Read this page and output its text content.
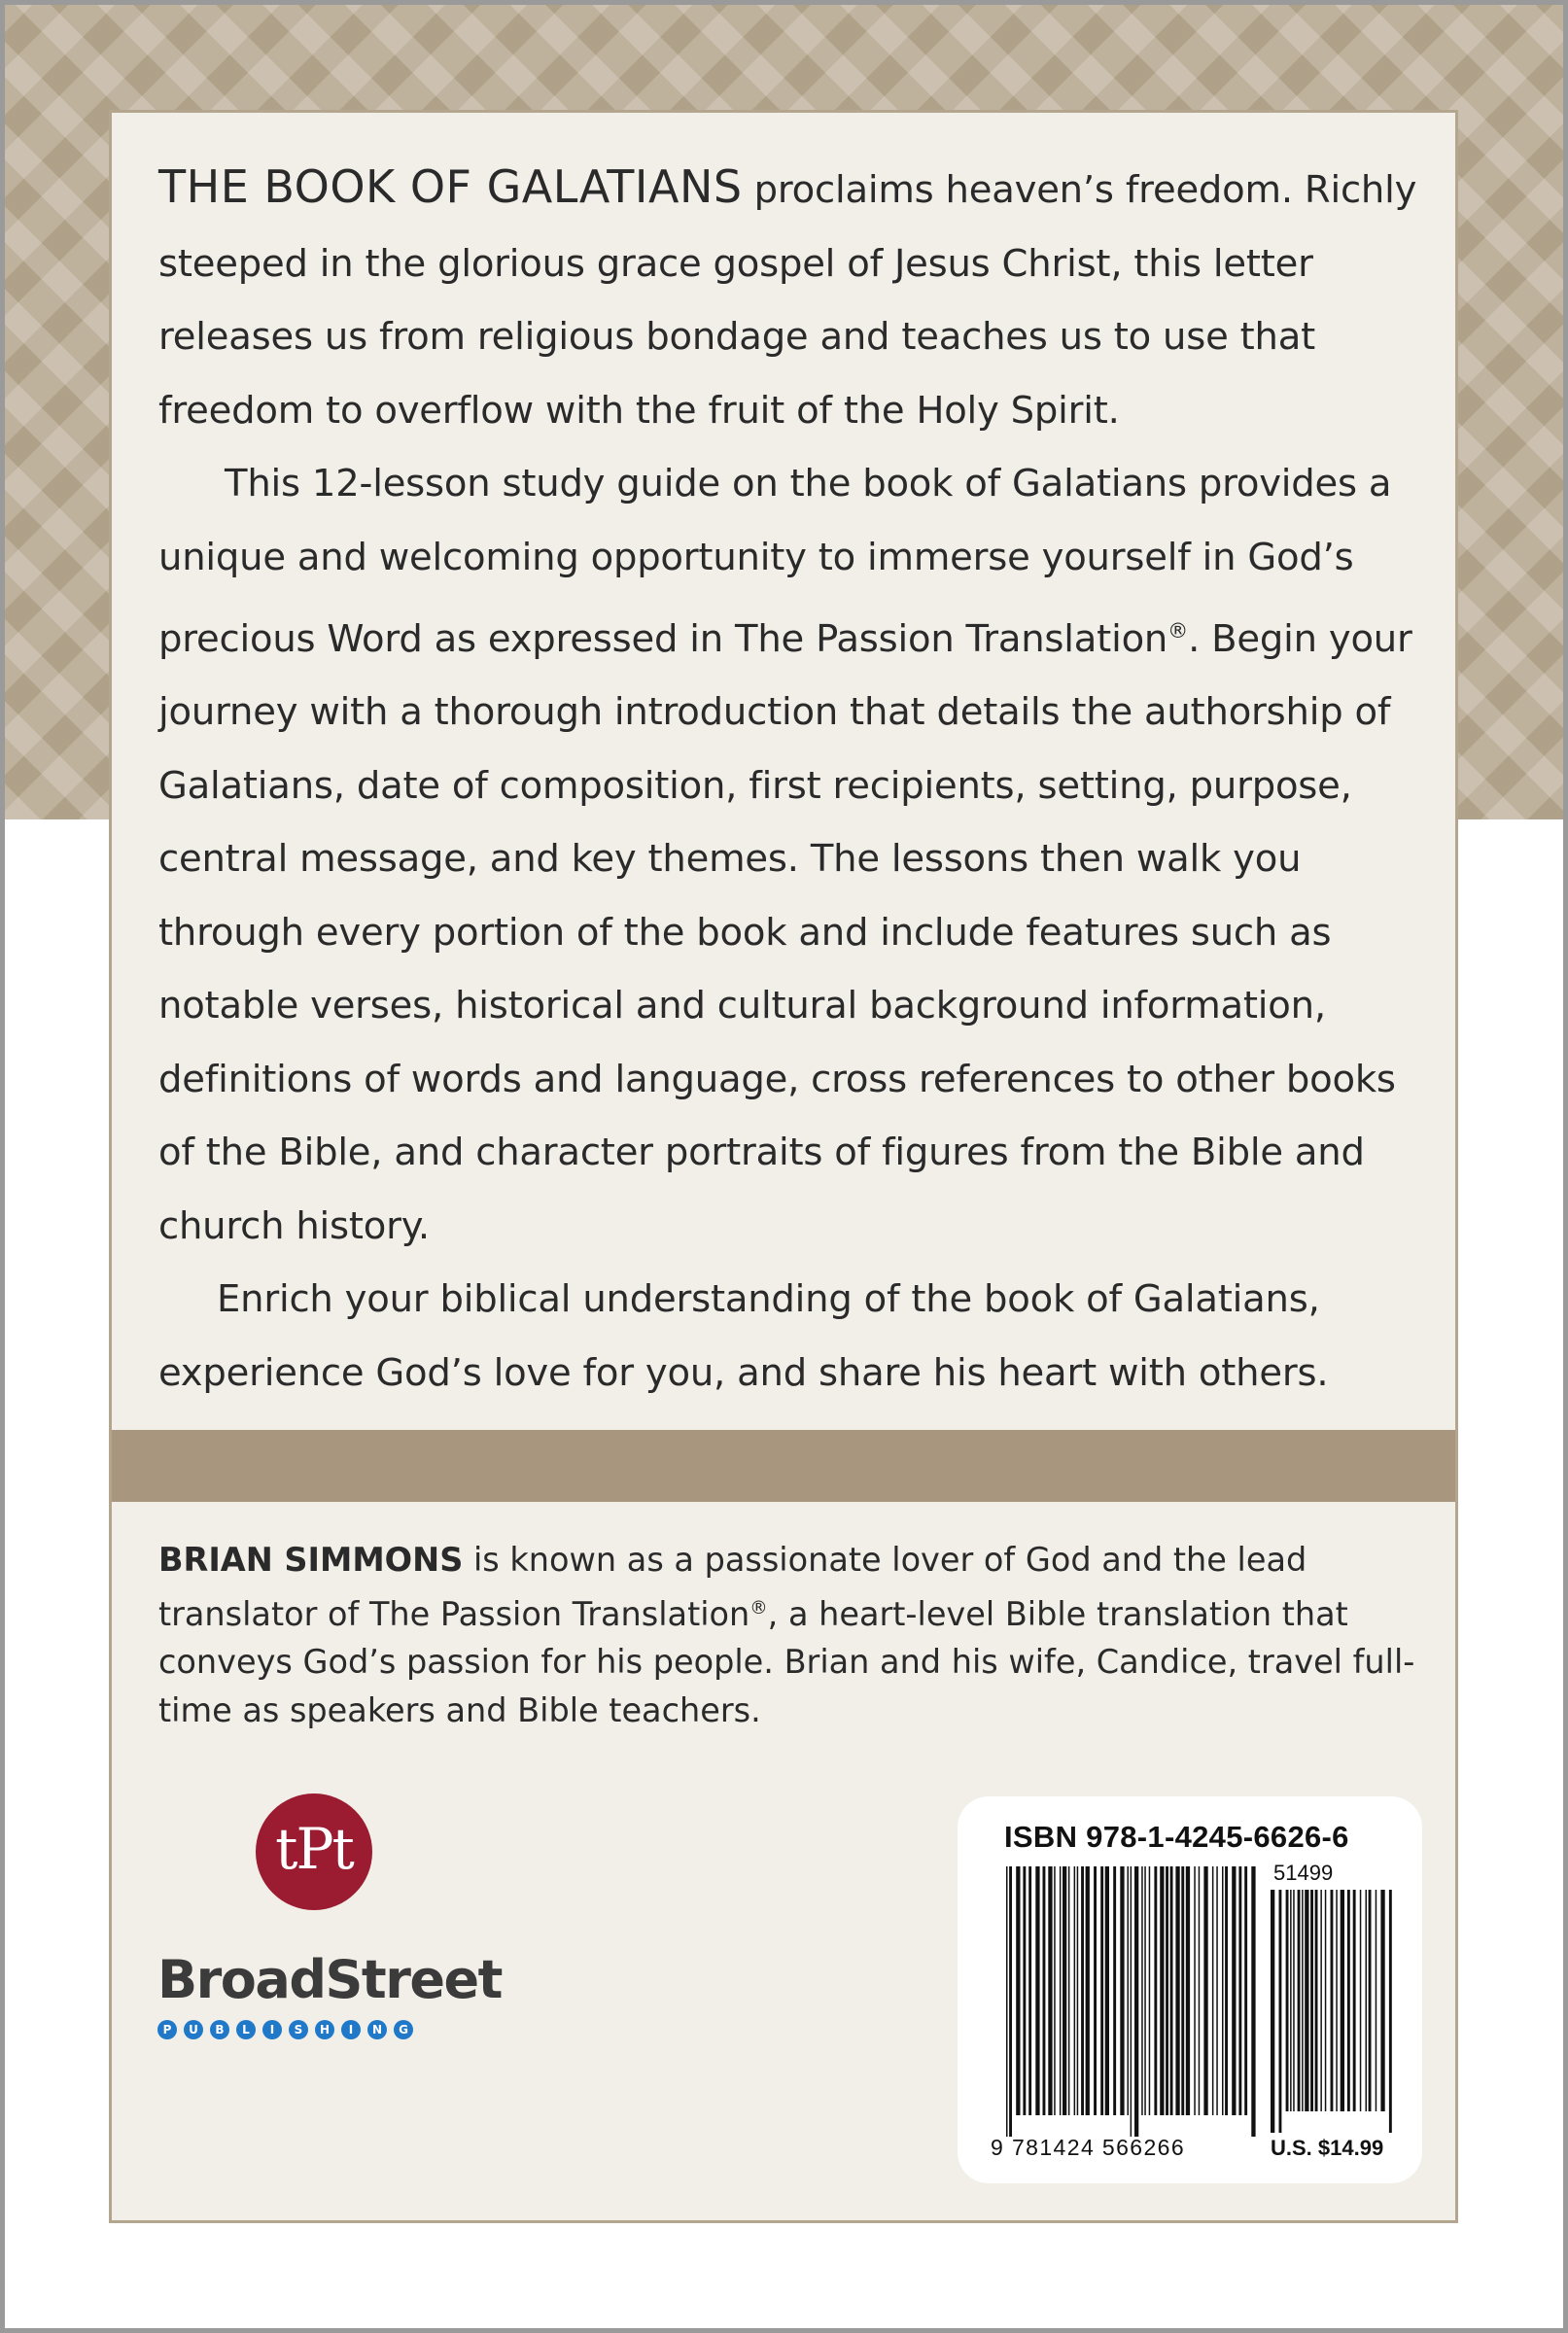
THE BOOK OF GALATIANS proclaims heaven’s freedom. Richly steeped in the glorious grace gospel of Jesus Christ, this letter releases us from religious bondage and teaches us to use that freedom to overflow with the fruit of the Holy Spirit.

This 12-lesson study guide on the book of Galatians provides a unique and welcoming opportunity to immerse yourself in God’s precious Word as expressed in The Passion Translation®. Begin your journey with a thorough introduction that details the authorship of Galatians, date of composition, first recipients, setting, purpose, central message, and key themes. The lessons then walk you through every portion of the book and include features such as notable verses, historical and cultural background information, definitions of words and language, cross references to other books of the Bible, and character portraits of figures from the Bible and church history.

Enrich your biblical understanding of the book of Galatians, experience God’s love for you, and share his heart with others.

BRIAN SIMMONS is known as a passionate lover of God and the lead translator of The Passion Translation®, a heart-level Bible translation that conveys God’s passion for his people. Brian and his wife, Candice, travel full-time as speakers and Bible teachers.

tPt
BroadStreet
P	U	B	L	I	S	H	I	N	G
ISBN 978-1-4245-6626-6
51499
9 781424 566266	U.S. $14.99
